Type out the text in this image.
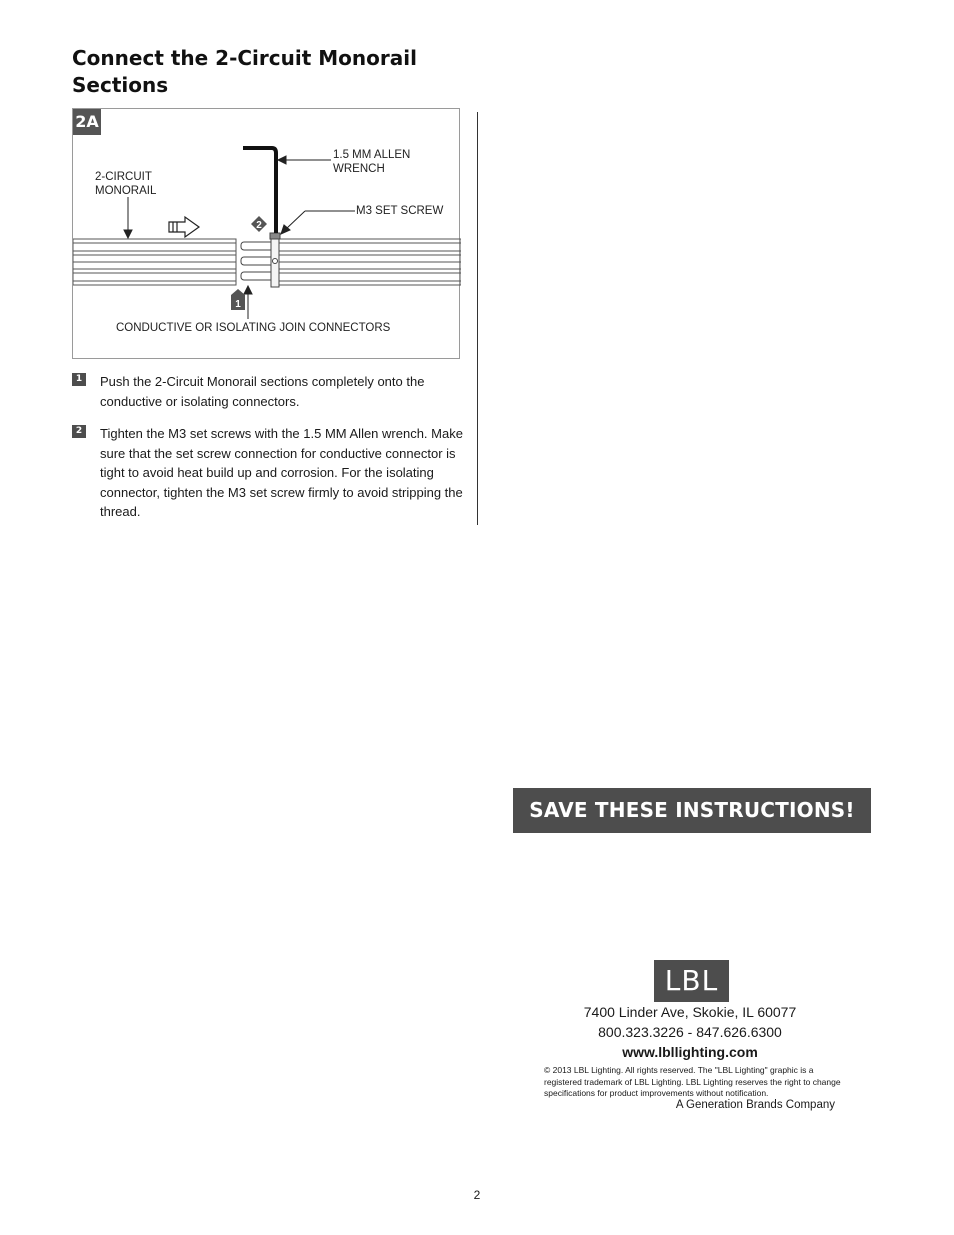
Connect the 2-Circuit Monorail Sections
2
1
1.5 MM ALLEN
WRENCH
2-CIRCUIT
MONORAIL
M3 SET SCREW
CONDUCTIVE OR ISOLATING JOIN CONNECTORS
2A
1 Push the 2-Circuit Monorail sections completely onto the conductive or isolating connectors.
2 Tighten the M3 set screws with the 1.5 MM Allen wrench. Make sure that the set screw connection for conductive connector is tight to avoid heat build up and corrosion. For the isolating connector, tighten the M3 set screw firmly to avoid stripping the thread.
SAVE THESE INSTRUCTIONS!
LBL
7400 Linder Ave, Skokie, IL 60077
800.323.3226 - 847.626.6300
www.lbllighting.com
© 2013 LBL Lighting. All rights reserved. The "LBL Lighting" graphic is a registered trademark of LBL Lighting. LBL Lighting reserves the right to change specifications for product improvements without notification.
A Generation Brands Company
2
